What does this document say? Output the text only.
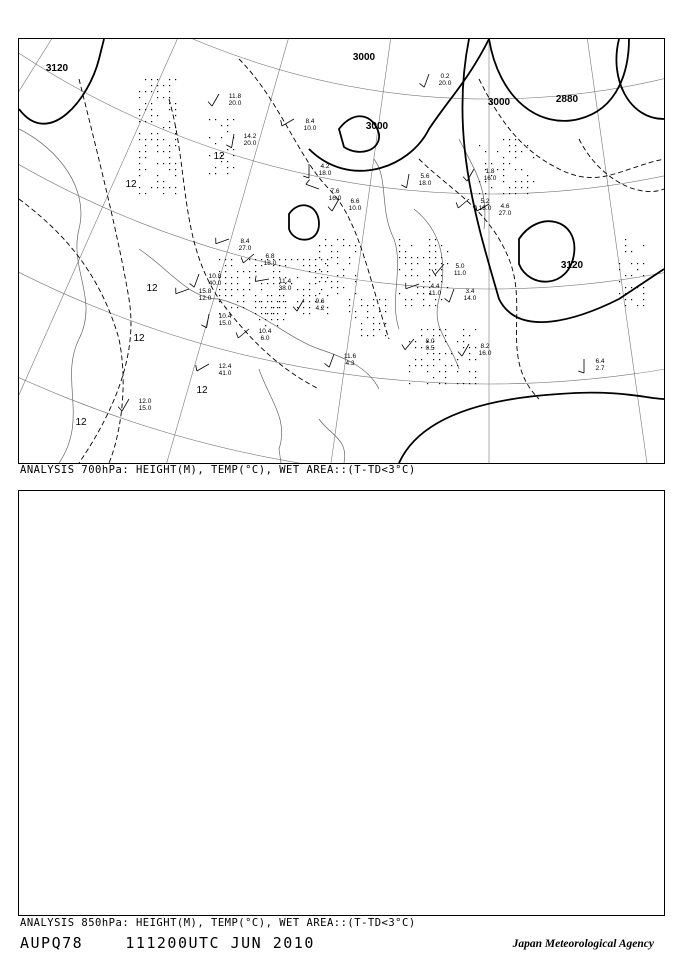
11.8
20.0
14.2
20.0
8.4
10.0
4.2
18.0
7.6
16.0 6.6
10.0
8.4
27.0
6.8
18.0
10.8
40.0
15.8
12.0
10.4
15.0
10.4
6.0
11.4
38.0
9.6
4.2
12.4
41.0
12.0
15.0
11.6
4.3
8.0
0.5
4.4
11.0	3.4
14.0
8.2
16.0
6.4
2.7
5.6
18.0
5.2
18.0
1.8
16.0
0.2
20.0
4.6
27.0
5.0
11.0
3120
3000
3000
3000	2880
3120
12
12
12
12
12
12
ANALYSIS 700hPa: HEIGHT(M), TEMP(°C), WET AREA::(T-TD<3°C)
ANALYSIS 850hPa: HEIGHT(M), TEMP(°C), WET AREA::(T-TD<3°C)
AUPQ78	111200UTC JUN 2010	Japan Meteorological Agency
